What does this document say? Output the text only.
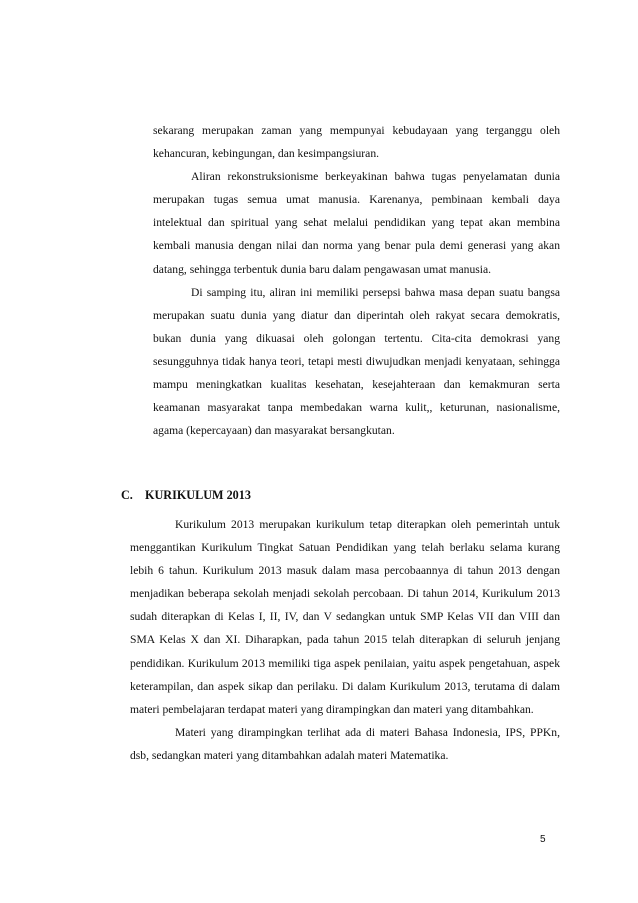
sekarang merupakan zaman yang mempunyai kebudayaan yang terganggu oleh kehancuran, kebingungan, dan kesimpangsiuran.

Aliran rekonstruksionisme berkeyakinan bahwa tugas penyelamatan dunia merupakan tugas semua umat manusia. Karenanya, pembinaan kembali daya intelektual dan spiritual yang sehat melalui pendidikan yang tepat akan membina kembali manusia dengan nilai dan norma yang benar pula demi generasi yang akan datang, sehingga terbentuk dunia baru dalam pengawasan umat manusia.

Di samping itu, aliran ini memiliki persepsi bahwa masa depan suatu bangsa merupakan suatu dunia yang diatur dan diperintah oleh rakyat secara demokratis, bukan dunia yang dikuasai oleh golongan tertentu. Cita-cita demokrasi yang sesungguhnya tidak hanya teori, tetapi mesti diwujudkan menjadi kenyataan, sehingga mampu meningkatkan kualitas kesehatan, kesejahteraan dan kemakmuran serta keamanan masyarakat tanpa membedakan warna kulit,, keturunan, nasionalisme, agama (kepercayaan) dan masyarakat bersangkutan.

C. KURIKULUM 2013

Kurikulum 2013 merupakan kurikulum tetap diterapkan oleh pemerintah untuk menggantikan Kurikulum Tingkat Satuan Pendidikan yang telah berlaku selama kurang lebih 6 tahun. Kurikulum 2013 masuk dalam masa percobaannya di tahun 2013 dengan menjadikan beberapa sekolah menjadi sekolah percobaan. Di tahun 2014, Kurikulum 2013 sudah diterapkan di Kelas I, II, IV, dan V sedangkan untuk SMP Kelas VII dan VIII dan SMA Kelas X dan XI. Diharapkan, pada tahun 2015 telah diterapkan di seluruh jenjang pendidikan. Kurikulum 2013 memiliki tiga aspek penilaian, yaitu aspek pengetahuan, aspek keterampilan, dan aspek sikap dan perilaku. Di dalam Kurikulum 2013, terutama di dalam materi pembelajaran terdapat materi yang dirampingkan dan materi yang ditambahkan.

Materi yang dirampingkan terlihat ada di materi Bahasa Indonesia, IPS, PPKn, dsb, sedangkan materi yang ditambahkan adalah materi Matematika.

5
